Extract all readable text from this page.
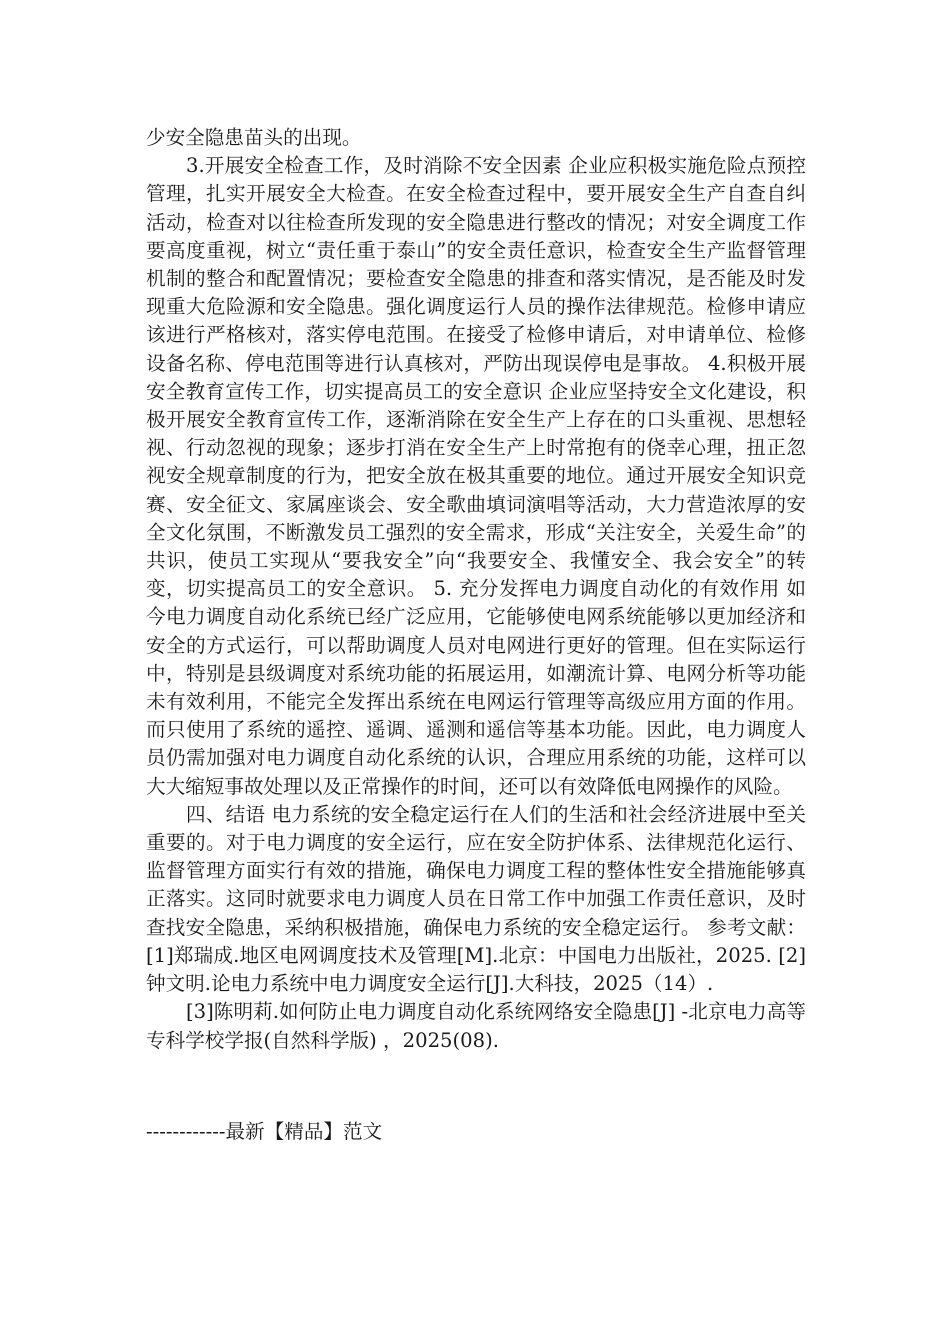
少安全隐患苗头的出现。

3.开展安全检查工作，及时消除不安全因素 企业应积极实施危险点预控管理，扎实开展安全大检查。在安全检查过程中，要开展安全生产自查自纠活动，检查对以往检查所发现的安全隐患进行整改的情况；对安全调度工作要高度重视，树立“责任重于泰山”的安全责任意识，检查安全生产监督管理机制的整合和配置情况；要检查安全隐患的排查和落实情况，是否能及时发现重大危险源和安全隐患。强化调度运行人员的操作法律规范。检修申请应该进行严格核对，落实停电范围。在接受了检修申请后，对申请单位、检修设备名称、停电范围等进行认真核对，严防出现误停电是事故。 4.积极开展安全教育宣传工作，切实提高员工的安全意识 企业应坚持安全文化建设，积极开展安全教育宣传工作，逐渐消除在安全生产上存在的口头重视、思想轻视、行动忽视的现象；逐步打消在安全生产上时常抱有的侥幸心理，扭正忽视安全规章制度的行为，把安全放在极其重要的地位。通过开展安全知识竞赛、安全征文、家属座谈会、安全歌曲填词演唱等活动，大力营造浓厚的安全文化氛围，不断激发员工强烈的安全需求，形成“关注安全，关爱生命”的共识，使员工实现从“要我安全”向“我要安全、我懂安全、我会安全”的转变，切实提高员工的安全意识。 5. 充分发挥电力调度自动化的有效作用 如今电力调度自动化系统已经广泛应用，它能够使电网系统能够以更加经济和安全的方式运行，可以帮助调度人员对电网进行更好的管理。但在实际运行中，特别是县级调度对系统功能的拓展运用，如潮流计算、电网分析等功能未有效利用，不能完全发挥出系统在电网运行管理等高级应用方面的作用。而只使用了系统的遥控、遥调、遥测和遥信等基本功能。因此，电力调度人员仍需加强对电力调度自动化系统的认识，合理应用系统的功能，这样可以大大缩短事故处理以及正常操作的时间，还可以有效降低电网操作的风险。

四、结语 电力系统的安全稳定运行在人们的生活和社会经济进展中至关重要的。对于电力调度的安全运行，应在安全防护体系、法律规范化运行、监督管理方面实行有效的措施，确保电力调度工程的整体性安全措施能够真正落实。这同时就要求电力调度人员在日常工作中加强工作责任意识，及时查找安全隐患，采纳积极措施，确保电力系统的安全稳定运行。 参考文献： [1]郑瑞成.地区电网调度技术及管理[M].北京：中国电力出版社，2025. [2]钟文明.论电力系统中电力调度安全运行[J].大科技，2025（14）.

[3]陈明莉.如何防止电力调度自动化系统网络安全隐患[J] -北京电力高等专科学校学报(自然科学版) ，2025(08).

------------最新【精品】范文
